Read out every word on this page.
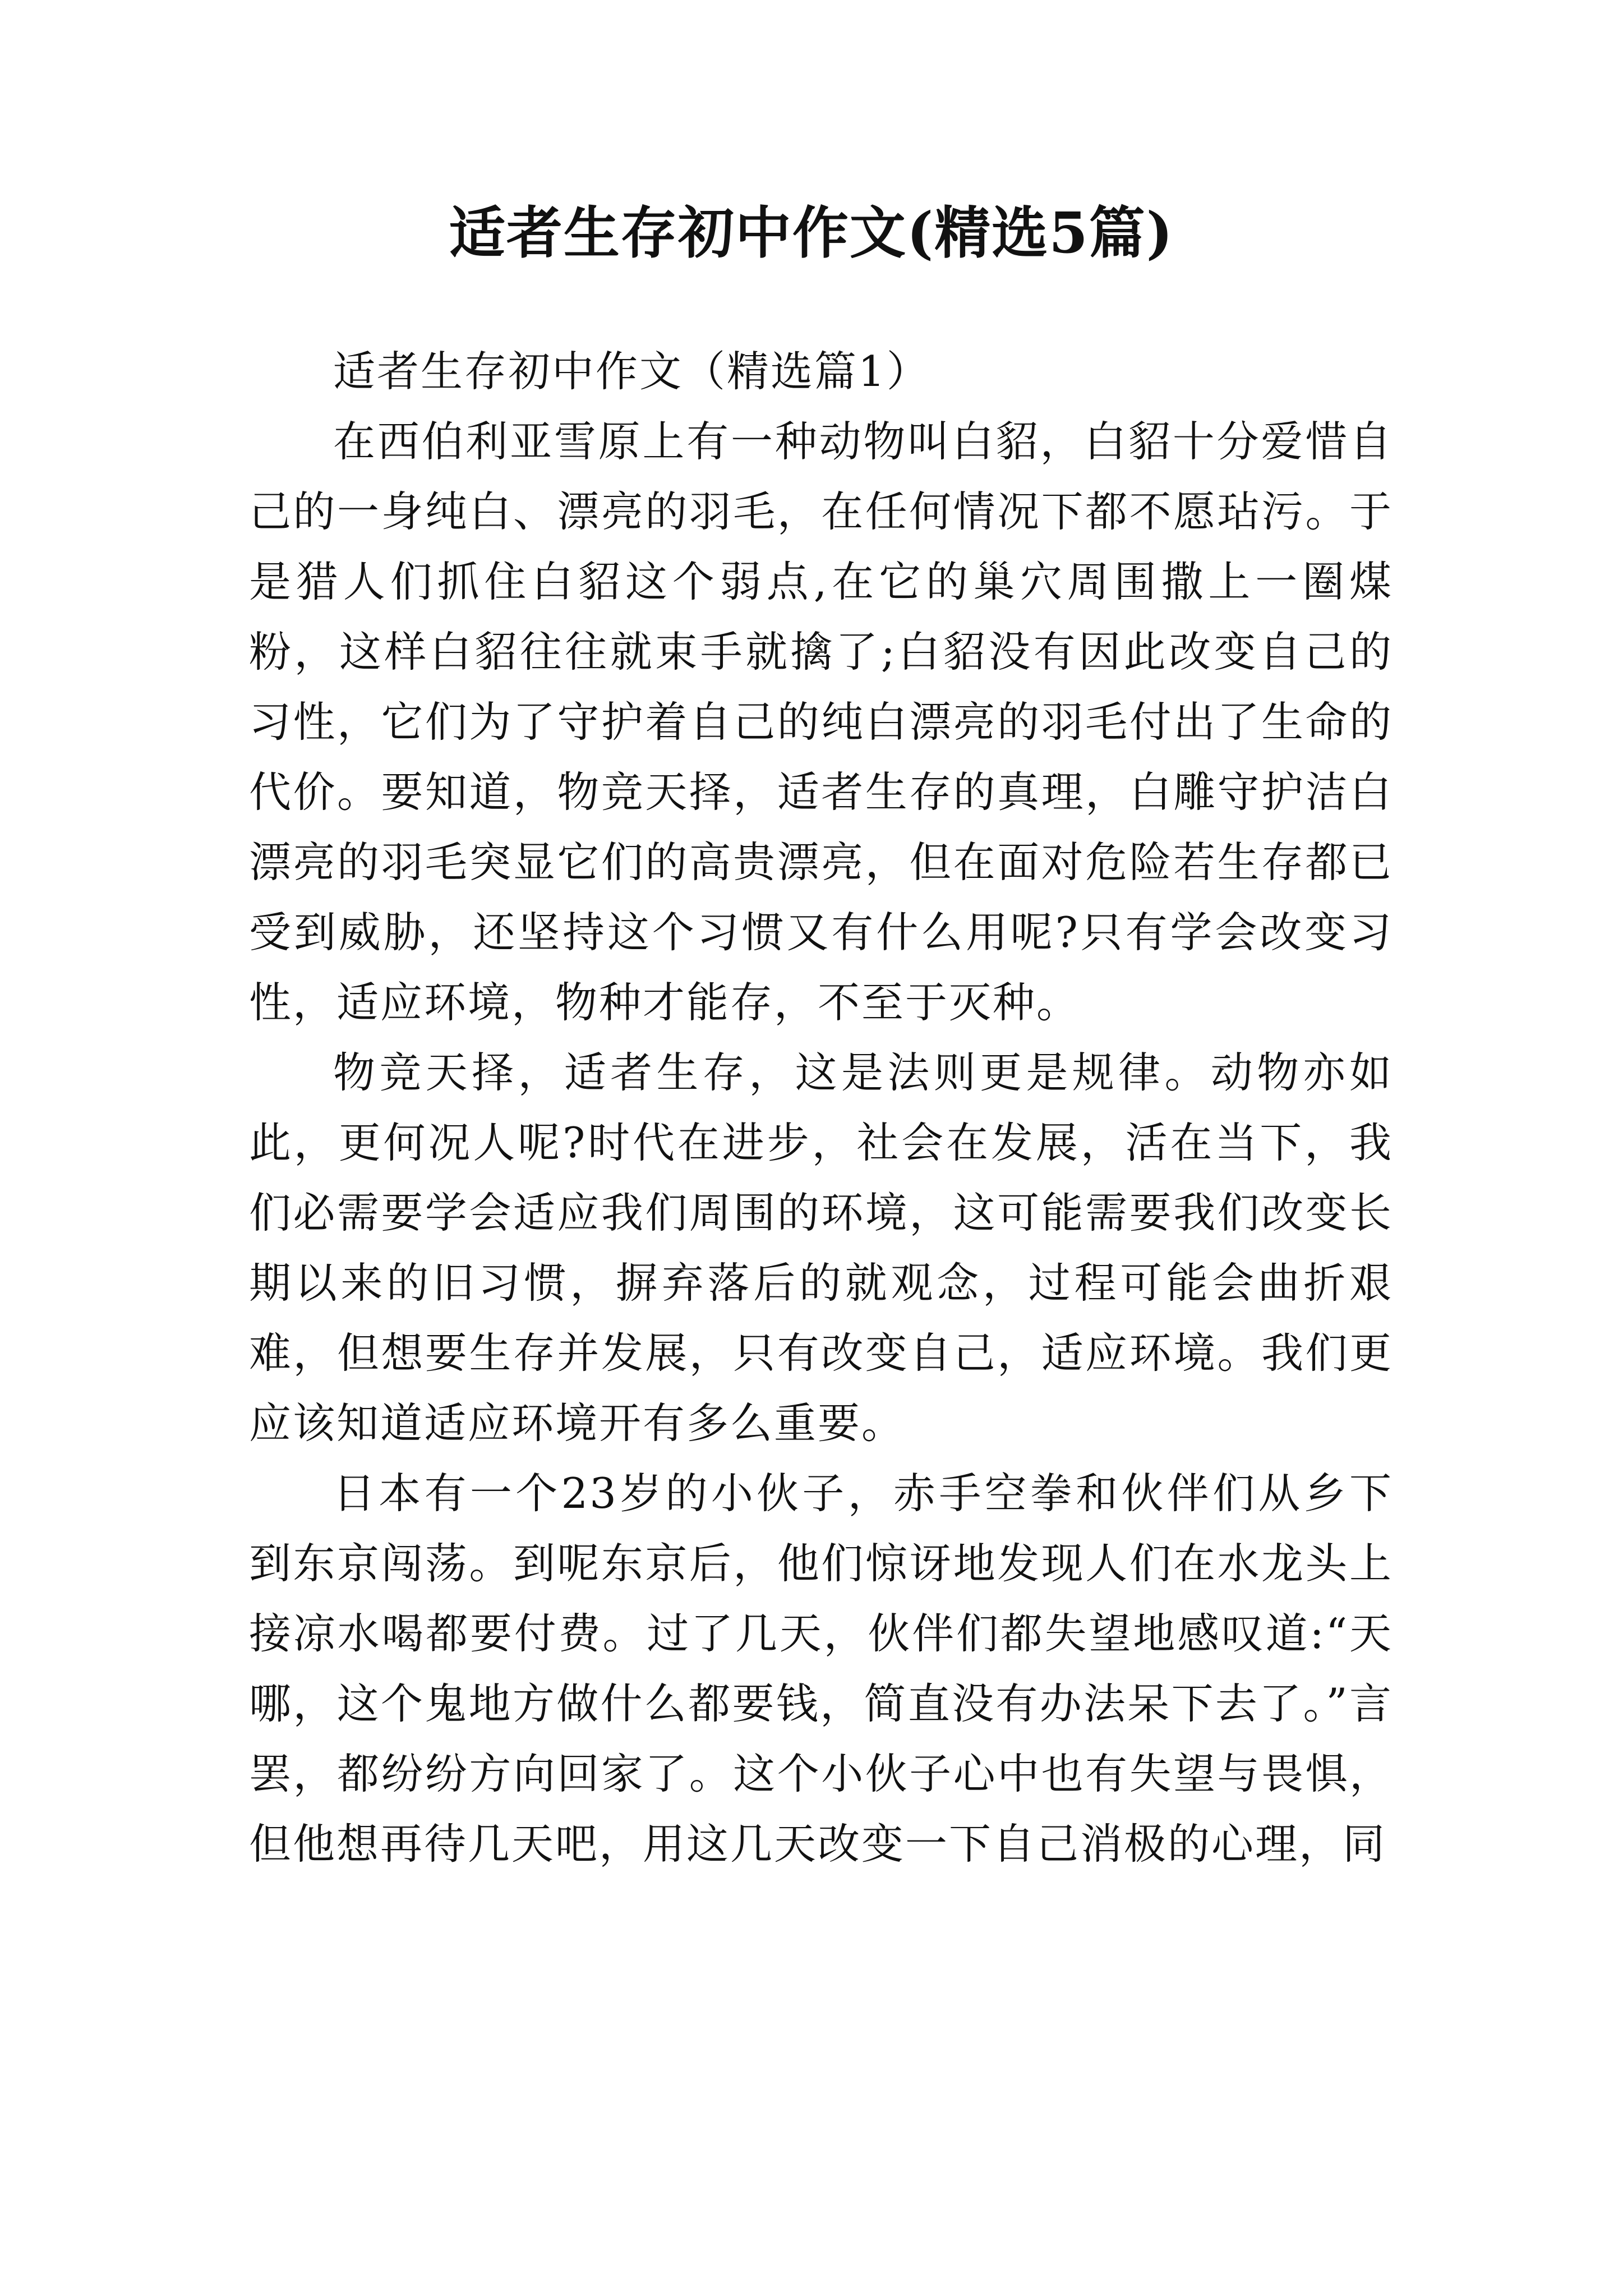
适者生存初中作文(精选5篇)

适者生存初中作文（精选篇1）

在西伯利亚雪原上有一种动物叫白貂，白貂十分爱惜自己的一身纯白、漂亮的羽毛，在任何情况下都不愿玷污。于是猎人们抓住白貂这个弱点,在它的巢穴周围撒上一圈煤粉，这样白貂往往就束手就擒了;白貂没有因此改变自己的习性，它们为了守护着自己的纯白漂亮的羽毛付出了生命的代价。要知道，物竞天择，适者生存的真理，白雕守护洁白漂亮的羽毛突显它们的高贵漂亮，但在面对危险若生存都已受到威胁，还坚持这个习惯又有什么用呢?只有学会改变习性，适应环境，物种才能存，不至于灭种。

物竞天择，适者生存，这是法则更是规律。动物亦如此，更何况人呢?时代在进步，社会在发展，活在当下，我们必需要学会适应我们周围的环境，这可能需要我们改变长期以来的旧习惯，摒弃落后的就观念，过程可能会曲折艰难，但想要生存并发展，只有改变自己，适应环境。我们更应该知道适应环境开有多么重要。

日本有一个23岁的小伙子，赤手空拳和伙伴们从乡下到东京闯荡。到呢东京后，他们惊讶地发现人们在水龙头上接凉水喝都要付费。过了几天，伙伴们都失望地感叹道:“天哪，这个鬼地方做什么都要钱，简直没有办法呆下去了。”言罢，都纷纷方向回家了。这个小伙子心中也有失望与畏惧，但他想再待几天吧，用这几天改变一下自己消极的心理，同
